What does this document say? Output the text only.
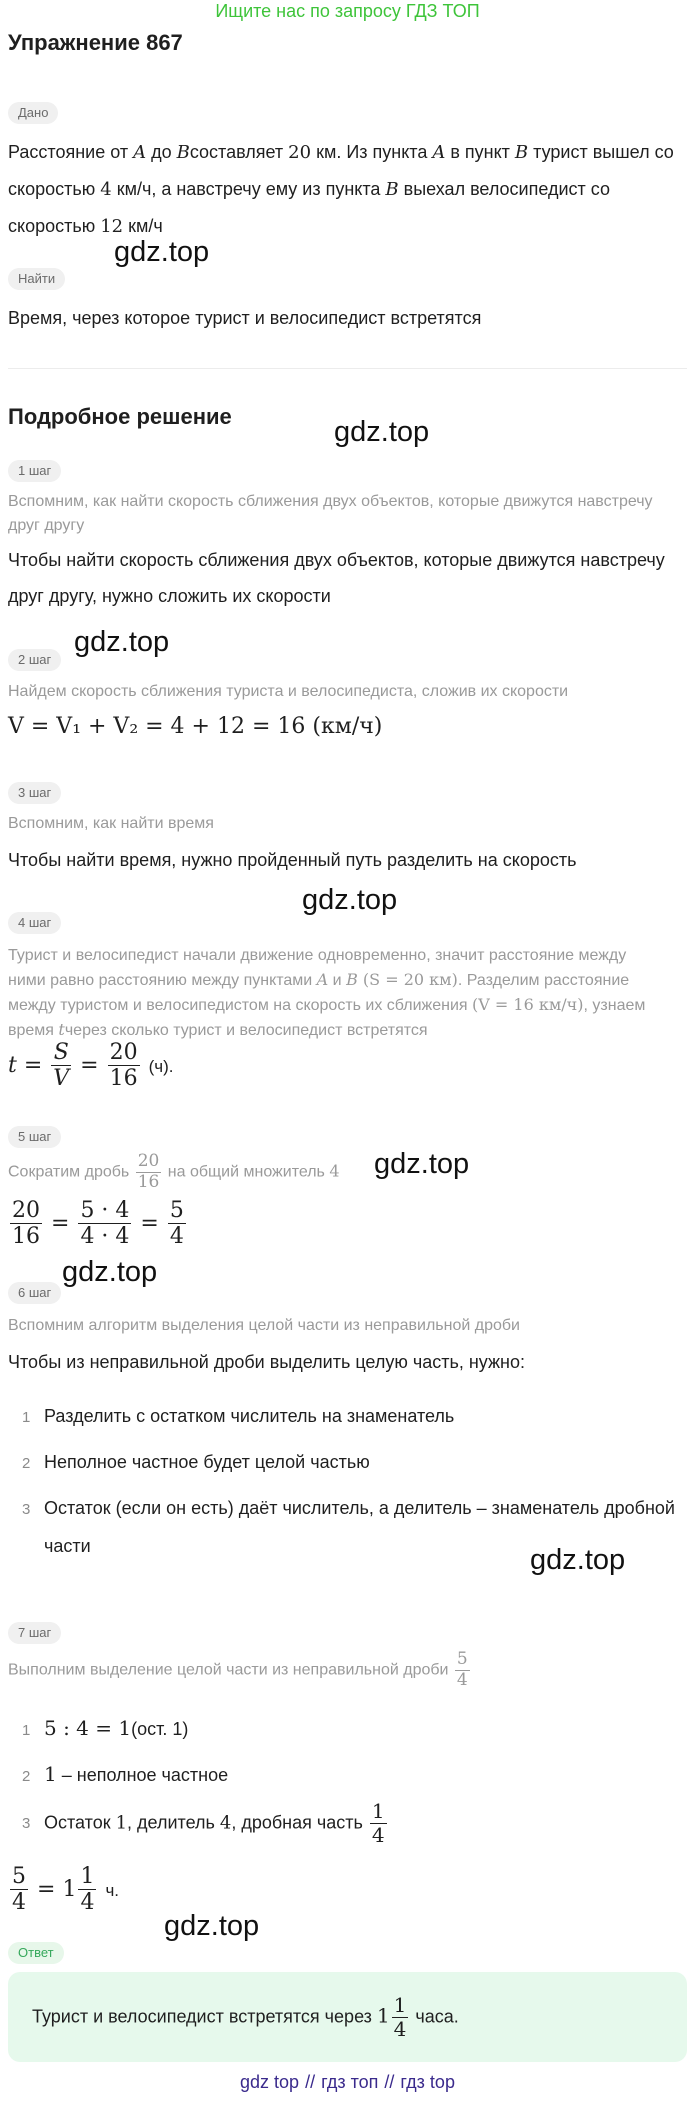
Ищите нас по запросу ГДЗ ТОП
Упражнение 867
Дано
Расстояние от A до Bсоставляет 20 км. Из пункта A в пункт B турист вышел со
скоростью 4 км/ч, а навстречу ему из пункта B выехал велосипедист со
скоростью 12 км/ч
gdz.top
Найти
Время, через которое турист и велосипедист встретятся
Подробное решение	gdz.top
1 шаг
Вспомним, как найти скорость сближения двух объектов, которые движутся навстречу
друг другу
Чтобы найти скорость сближения двух объектов, которые движутся навстречу
друг другу, нужно сложить их скорости
gdz.top
2 шаг
Найдем скорость сближения туриста и велосипедиста, сложив их скорости
V = V₁ + V₂ = 4 + 12 = 16 (км/ч)
3 шаг
Вспомним, как найти время
Чтобы найти время, нужно пройденный путь разделить на скорость
gdz.top
4 шаг
Турист и велосипедист начали движение одновременно, значит расстояние между
ними равно расстоянию между пунктами A и B (S = 20 км). Разделим расстояние
между туристом и велосипедистом на скорость их сближения (V = 16 км/ч), узнаем
время tчерез сколько турист и велосипедист встретятся
$t = \frac{S}{V} = \frac{20}{16} (ч)$.
5 шаг
Сократим дробь $\frac{20}{16}$ на общий множитель 4	gdz.top
$\frac{20}{16} = \frac{5 \cdot 4}{4 \cdot 4} = \frac{5}{4}$
gdz.top
6 шаг
Вспомним алгоритм выделения целой части из неправильной дроби
Чтобы из неправильной дроби выделить целую часть, нужно:
1 Разделить с остатком числитель на знаменатель
2 Неполное частное будет целой частью
3 Остаток (если он есть) даёт числитель, а делитель – знаменатель дробной
части	gdz.top
7 шаг
Выполним выделение целой части из неправильной дроби $\frac{5}{4}$
1 5 : 4 = 1(ост. 1)
2 1 – неполное частное
3 Остаток 1, делитель 4, дробная часть $\frac{1}{4}$
$\frac{5}{4} = 1 \frac{1}{4} ч$.
gdz.top
Ответ
Турист и велосипедист встретятся через $1 \frac{1}{4}$ часа.
gdz top // гдз топ // гдз top
